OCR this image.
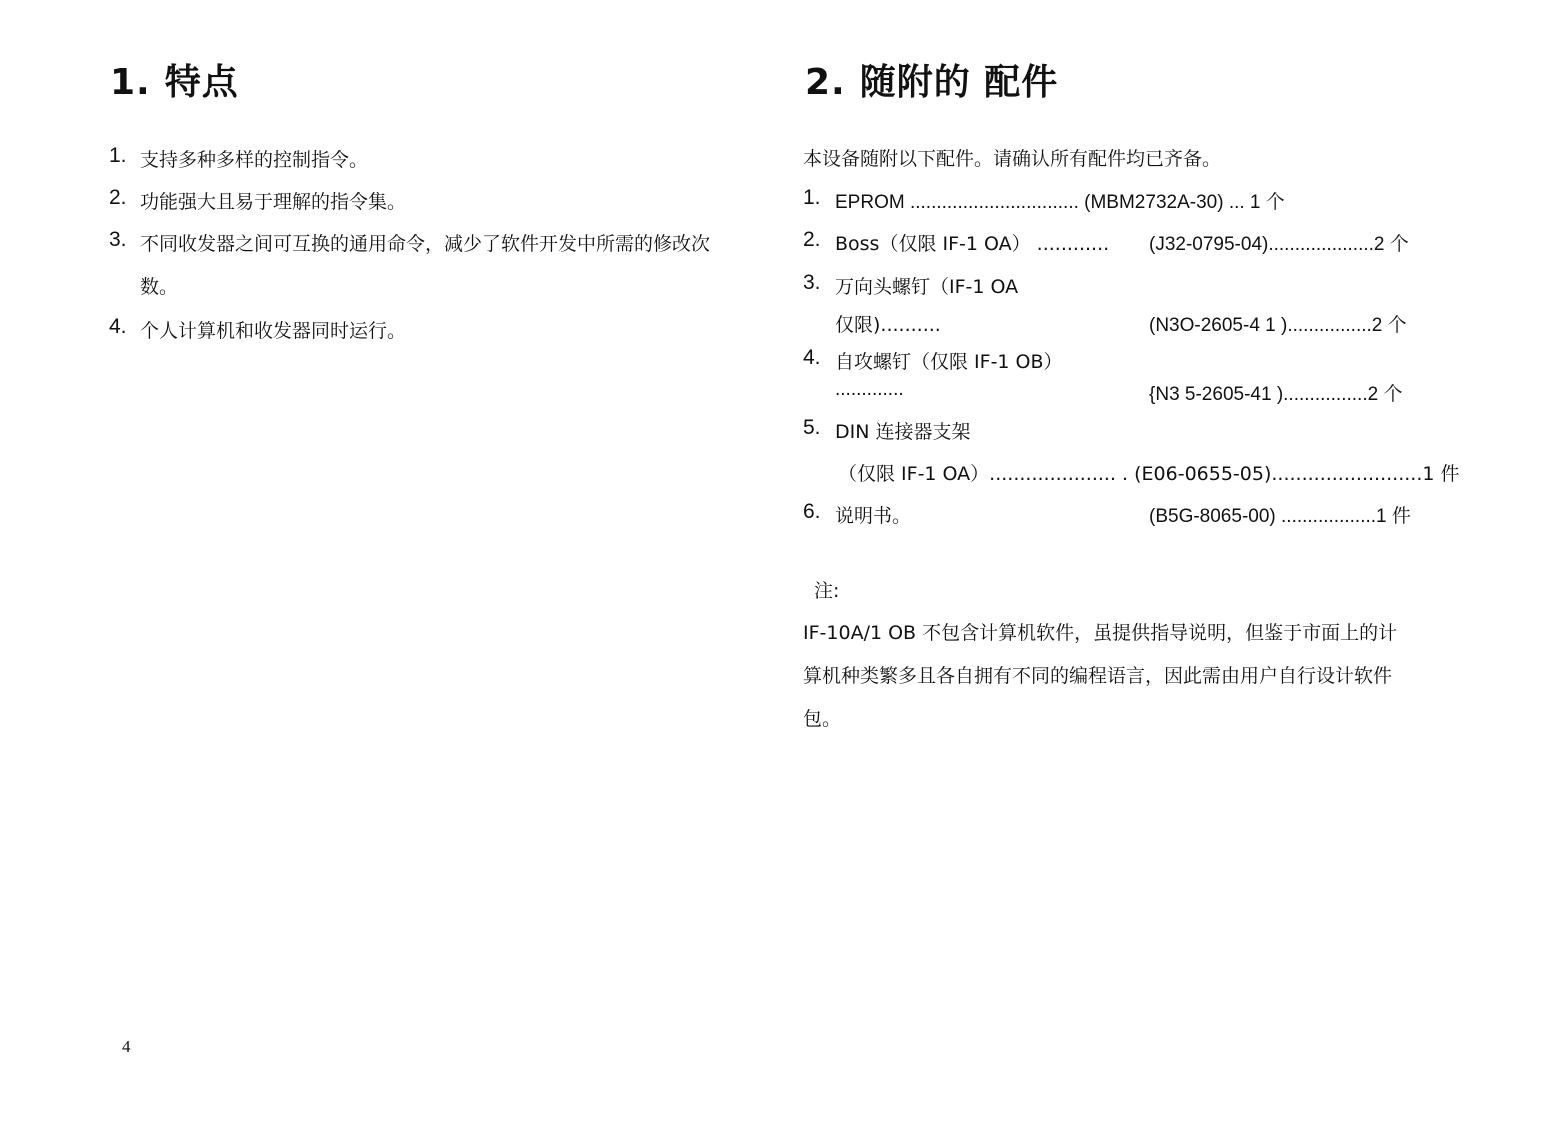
1. 特点
1. 支持多种多样的控制指令。
2. 功能强大且易于理解的指令集。
3. 不同收发器之间可互换的通用命令，减少了软件开发中所需的修改次
数。
4. 个人计算机和收发器同时运行。
2. 随附的 配件
本设备随附以下配件。请确认所有配件均已齐备。
1. EPROM ................................ (MBM2732A-30) ... 1 个
2. Boss（仅限 IF-1 OA） ............ (J32-0795-04)....................2 个
3. 万向头螺钉（IF-1 OA
仅限)..........	(N3O-2605-4 1 )................2 个
4. 自攻螺钉（仅限 IF-1 OB）
.............	{N3 5-2605-41 )................2 个
5. DIN 连接器支架
（仅限 IF-1 OA）..................... . (E06-0655-05).........................1 件
6. 说明书。	(B5G-8065-00) ..................1 件
注:
IF-10A/1 OB 不包含计算机软件，虽提供指导说明，但鉴于市面上的计
算机种类繁多且各自拥有不同的编程语言，因此需由用户自行设计软件
包。
4
